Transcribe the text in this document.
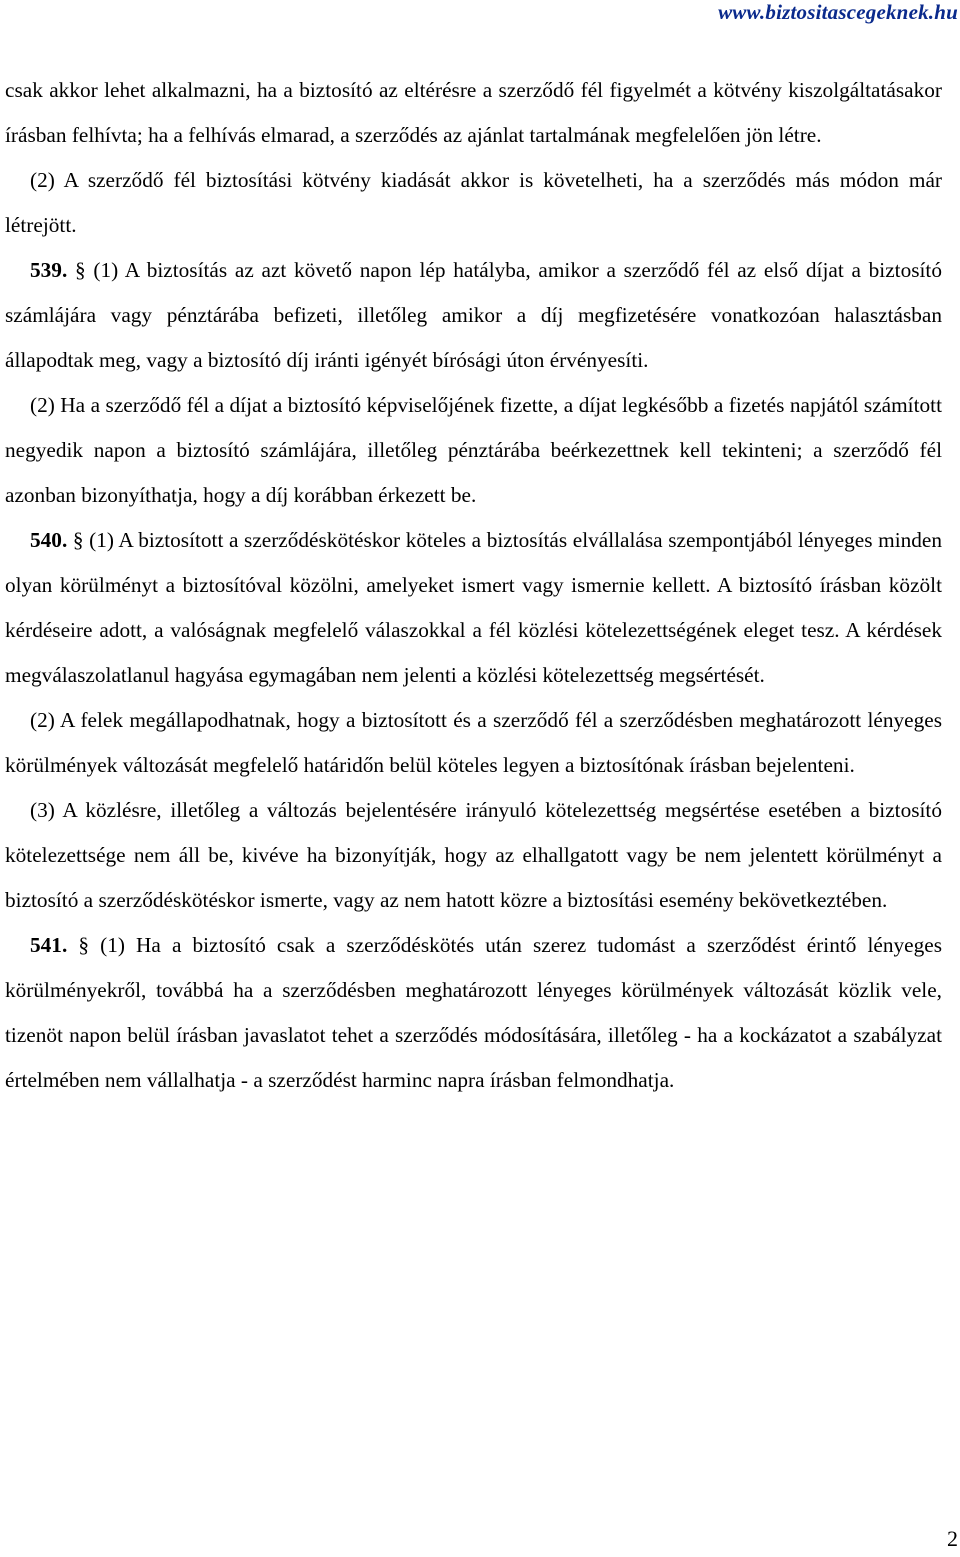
www.biztositascegeknek.hu

csak akkor lehet alkalmazni, ha a biztosító az eltérésre a szerződő fél figyelmét a kötvény kiszolgáltatásakor írásban felhívta; ha a felhívás elmarad, a szerződés az ajánlat tartalmának megfelelően jön létre.

(2) A szerződő fél biztosítási kötvény kiadását akkor is követelheti, ha a szerződés más módon már létrejött.

539. § (1) A biztosítás az azt követő napon lép hatályba, amikor a szerződő fél az első díjat a biztosító számlájára vagy pénztárába befizeti, illetőleg amikor a díj megfizetésére vonatkozóan halasztásban állapodtak meg, vagy a biztosító díj iránti igényét bírósági úton érvényesíti.

(2) Ha a szerződő fél a díjat a biztosító képviselőjének fizette, a díjat legkésőbb a fizetés napjától számított negyedik napon a biztosító számlájára, illetőleg pénztárába beérkezettnek kell tekinteni; a szerződő fél azonban bizonyíthatja, hogy a díj korábban érkezett be.

540. § (1) A biztosított a szerződéskötéskor köteles a biztosítás elvállalása szempontjából lényeges minden olyan körülményt a biztosítóval közölni, amelyeket ismert vagy ismernie kellett. A biztosító írásban közölt kérdéseire adott, a valóságnak megfelelő válaszokkal a fél közlési kötelezettségének eleget tesz. A kérdések megválaszolatlanul hagyása egymagában nem jelenti a közlési kötelezettség megsértését.

(2) A felek megállapodhatnak, hogy a biztosított és a szerződő fél a szerződésben meghatározott lényeges körülmények változását megfelelő határidőn belül köteles legyen a biztosítónak írásban bejelenteni.

(3) A közlésre, illetőleg a változás bejelentésére irányuló kötelezettség megsértése esetében a biztosító kötelezettsége nem áll be, kivéve ha bizonyítják, hogy az elhallgatott vagy be nem jelentett körülményt a biztosító a szerződéskötéskor ismerte, vagy az nem hatott közre a biztosítási esemény bekövetkeztében.

541. § (1) Ha a biztosító csak a szerződéskötés után szerez tudomást a szerződést érintő lényeges körülményekről, továbbá ha a szerződésben meghatározott lényeges körülmények változását közlik vele, tizenöt napon belül írásban javaslatot tehet a szerződés módosítására, illetőleg - ha a kockázatot a szabályzat értelmében nem vállalhatja - a szerződést harminc napra írásban felmondhatja.

2
